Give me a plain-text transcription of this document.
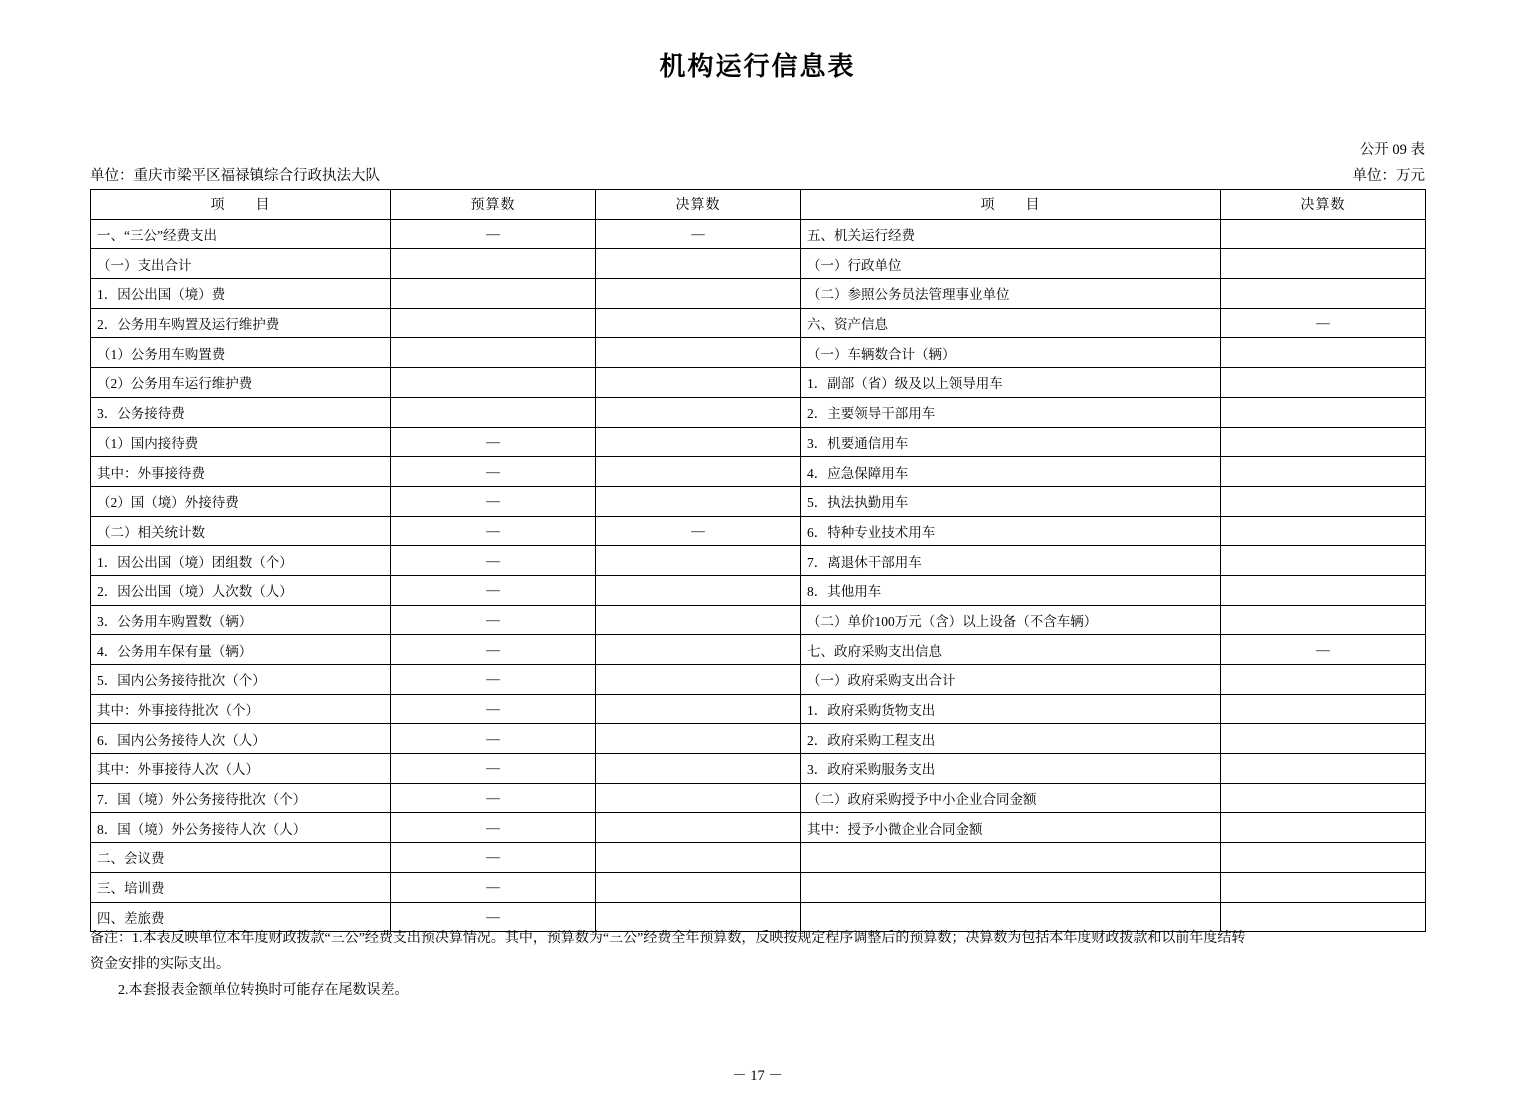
机构运行信息表
公开 09 表
单位：重庆市梁平区福禄镇综合行政执法大队	单位：万元
项　　目	预算数	决算数	项　　目	决算数
一、“三公”经费支出	—	—	五、机关运行经费	
（一）支出合计			（一）行政单位	
1．因公出国（境）费			（二）参照公务员法管理事业单位	
2．公务用车购置及运行维护费			六、资产信息	—
（1）公务用车购置费			（一）车辆数合计（辆）	
（2）公务用车运行维护费			1．副部（省）级及以上领导用车	
3．公务接待费			2．主要领导干部用车	
（1）国内接待费	—		3．机要通信用车	
其中：外事接待费	—		4．应急保障用车	
（2）国（境）外接待费	—		5．执法执勤用车	
（二）相关统计数	—	—	6．特种专业技术用车	
1．因公出国（境）团组数（个）	—		7．离退休干部用车	
2．因公出国（境）人次数（人）	—		8．其他用车	
3．公务用车购置数（辆）	—		（二）单价100万元（含）以上设备（不含车辆）	
4．公务用车保有量（辆）	—		七、政府采购支出信息	—
5．国内公务接待批次（个）	—		（一）政府采购支出合计	
其中：外事接待批次（个）	—		1．政府采购货物支出	
6．国内公务接待人次（人）	—		2．政府采购工程支出	
其中：外事接待人次（人）	—		3．政府采购服务支出	
7．国（境）外公务接待批次（个）	—		（二）政府采购授予中小企业合同金额	
8．国（境）外公务接待人次（人）	—		其中：授予小微企业合同金额	
二、会议费	—			
三、培训费	—			
四、差旅费	—			

备注：1.本表反映单位本年度财政拨款“三公”经费支出预决算情况。其中，预算数为“三公”经费全年预算数，反映按规定程序调整后的预算数；决算数为包括本年度财政拨款和以前年度结转

资金安排的实际支出。

2.本套报表金额单位转换时可能存在尾数误差。

－ 17 －
